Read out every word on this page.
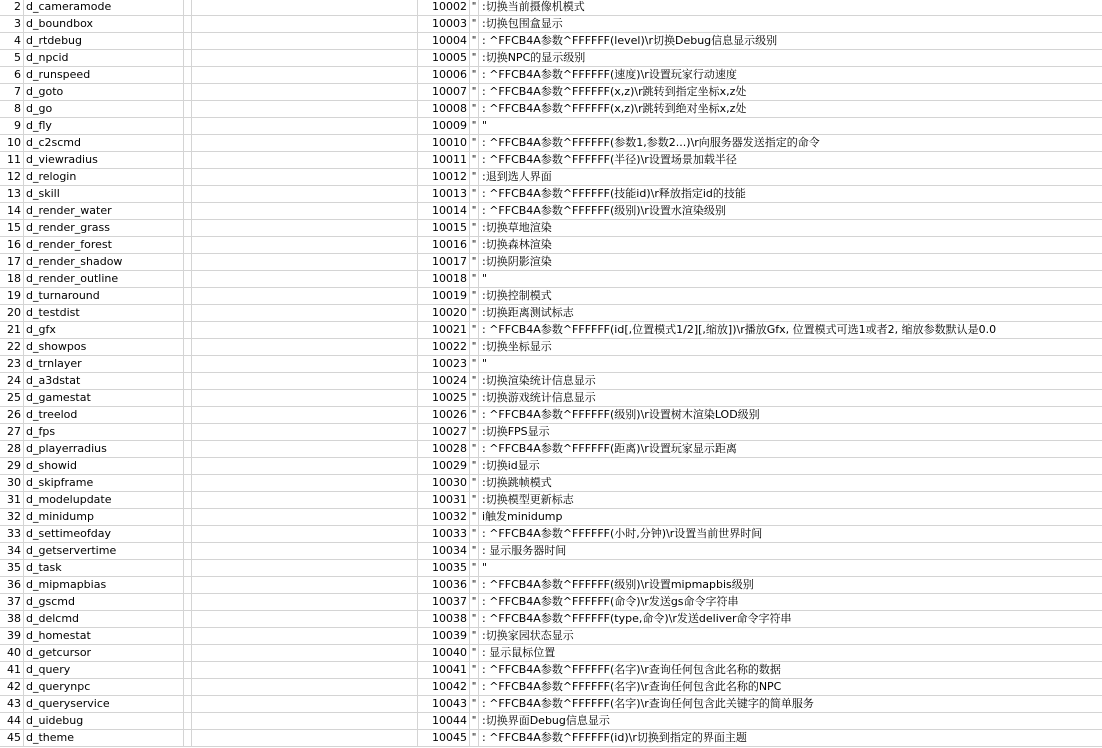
2 d_cameramode	10002 " :切换当前摄像机模式
3 d_boundbox	10003 " :切换包围盒显示
4 d_rtdebug	10004 " : ^FFCB4A参数^FFFFFF(level)\r切换Debug信息显示级别
5 d_npcid	10005 " :切换NPC的显示级别
6 d_runspeed	10006 " : ^FFCB4A参数^FFFFFF(速度)\r设置玩家行动速度
7 d_goto	10007 " : ^FFCB4A参数^FFFFFF(x,z)\r跳转到指定坐标x,z处
8 d_go	10008 " : ^FFCB4A参数^FFFFFF(x,z)\r跳转到绝对坐标x,z处
9 d_fly	10009 " "
10 d_c2scmd	10010 " : ^FFCB4A参数^FFFFFF(参数1,参数2...)\r向服务器发送指定的命令
11 d_viewradius	10011 " : ^FFCB4A参数^FFFFFF(半径)\r设置场景加载半径
12 d_relogin	10012 " :退到选人界面
13 d_skill	10013 " : ^FFCB4A参数^FFFFFF(技能id)\r释放指定id的技能
14 d_render_water	10014 " : ^FFCB4A参数^FFFFFF(级别)\r设置水渲染级别
15 d_render_grass	10015 " :切换草地渲染
16 d_render_forest	10016 " :切换森林渲染
17 d_render_shadow	10017 " :切换阴影渲染
18 d_render_outline	10018 " "
19 d_turnaround	10019 " :切换控制模式
20 d_testdist	10020 " :切换距离测试标志
21 d_gfx	10021 " : ^FFCB4A参数^FFFFFF(id[,位置模式1/2][,缩放])\r播放Gfx, 位置模式可选1或者2, 缩放参数默认是0.0
22 d_showpos	10022 " :切换坐标显示
23 d_trnlayer	10023 " "
24 d_a3dstat	10024 " :切换渲染统计信息显示
25 d_gamestat	10025 " :切换游戏统计信息显示
26 d_treelod	10026 " : ^FFCB4A参数^FFFFFF(级别)\r设置树木渲染LOD级别
27 d_fps	10027 " :切换FPS显示
28 d_playerradius	10028 " : ^FFCB4A参数^FFFFFF(距离)\r设置玩家显示距离
29 d_showid	10029 " :切换id显示
30 d_skipframe	10030 " :切换跳帧模式
31 d_modelupdate	10031 " :切换模型更新标志
32 d_minidump	10032 " i触发minidump
33 d_settimeofday	10033 " : ^FFCB4A参数^FFFFFF(小时,分钟)\r设置当前世界时间
34 d_getservertime	10034 " : 显示服务器时间
35 d_task	10035 " "
36 d_mipmapbias	10036 " : ^FFCB4A参数^FFFFFF(级别)\r设置mipmapbis级别
37 d_gscmd	10037 " : ^FFCB4A参数^FFFFFF(命令)\r发送gs命令字符串
38 d_delcmd	10038 " : ^FFCB4A参数^FFFFFF(type,命令)\r发送deliver命令字符串
39 d_homestat	10039 " :切换家园状态显示
40 d_getcursor	10040 " : 显示鼠标位置
41 d_query	10041 " : ^FFCB4A参数^FFFFFF(名字)\r查询任何包含此名称的数据
42 d_querynpc	10042 " : ^FFCB4A参数^FFFFFF(名字)\r查询任何包含此名称的NPC
43 d_queryservice	10043 " : ^FFCB4A参数^FFFFFF(名字)\r查询任何包含此关键字的简单服务
44 d_uidebug	10044 " :切换界面Debug信息显示
45 d_theme	10045 " : ^FFCB4A参数^FFFFFF(id)\r切换到指定的界面主题
